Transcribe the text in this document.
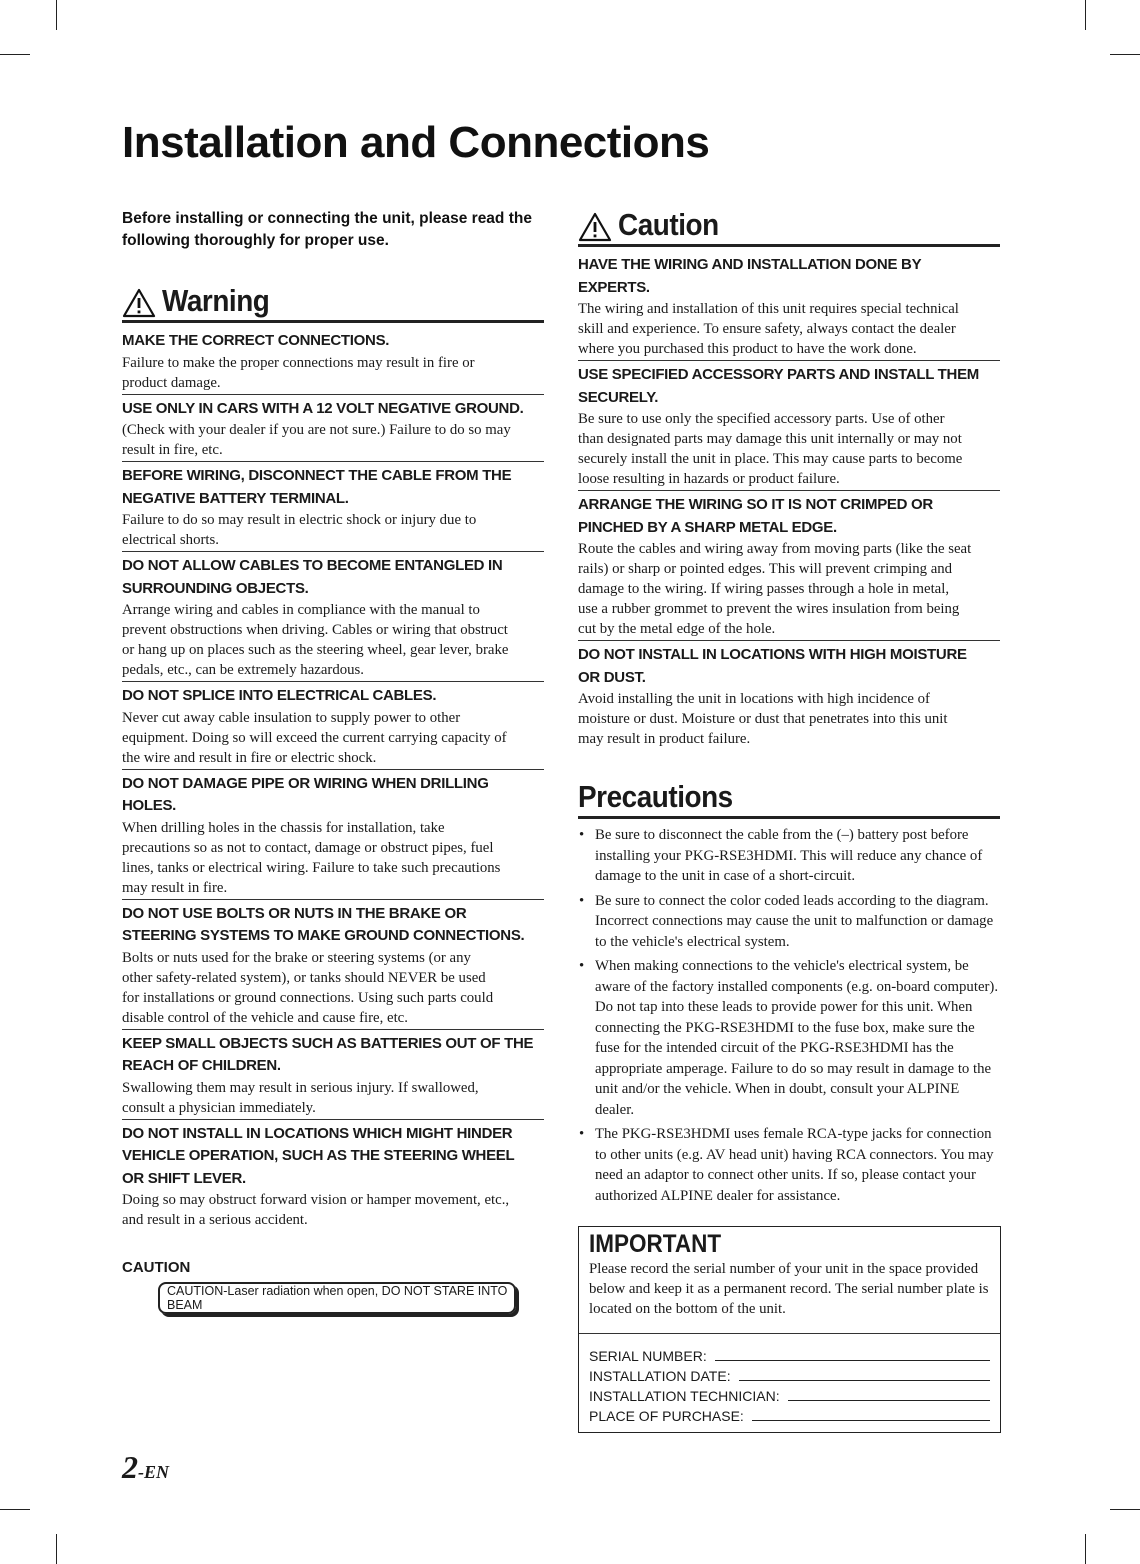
Installation and Connections

Before installing or connecting the unit, please read the following thoroughly for proper use.

Warning
MAKE THE CORRECT CONNECTIONS.
Failure to make the proper connections may result in fire or
product damage.
USE ONLY IN CARS WITH A 12 VOLT NEGATIVE GROUND.
(Check with your dealer if you are not sure.) Failure to do so may
result in fire, etc.
BEFORE WIRING, DISCONNECT THE CABLE FROM THE
NEGATIVE BATTERY TERMINAL.
Failure to do so may result in electric shock or injury due to
electrical shorts.
DO NOT ALLOW CABLES TO BECOME ENTANGLED IN
SURROUNDING OBJECTS.
Arrange wiring and cables in compliance with the manual to
prevent obstructions when driving. Cables or wiring that obstruct
or hang up on places such as the steering wheel, gear lever, brake
pedals, etc., can be extremely hazardous.
DO NOT SPLICE INTO ELECTRICAL CABLES.
Never cut away cable insulation to supply power to other
equipment. Doing so will exceed the current carrying capacity of
the wire and result in fire or electric shock.
DO NOT DAMAGE PIPE OR WIRING WHEN DRILLING
HOLES.
When drilling holes in the chassis for installation, take
precautions so as not to contact, damage or obstruct pipes, fuel
lines, tanks or electrical wiring. Failure to take such precautions
may result in fire.
DO NOT USE BOLTS OR NUTS IN THE BRAKE OR
STEERING SYSTEMS TO MAKE GROUND CONNECTIONS.
Bolts or nuts used for the brake or steering systems (or any
other safety-related system), or tanks should NEVER be used
for installations or ground connections. Using such parts could
disable control of the vehicle and cause fire, etc.
KEEP SMALL OBJECTS SUCH AS BATTERIES OUT OF THE
REACH OF CHILDREN.
Swallowing them may result in serious injury. If swallowed,
consult a physician immediately.
DO NOT INSTALL IN LOCATIONS WHICH MIGHT HINDER
VEHICLE OPERATION, SUCH AS THE STEERING WHEEL
OR SHIFT LEVER.
Doing so may obstruct forward vision or hamper movement, etc.,
and result in a serious accident.
CAUTION
CAUTION-Laser radiation when open, DO NOT STARE INTO BEAM
Caution
HAVE THE WIRING AND INSTALLATION DONE BY
EXPERTS.
The wiring and installation of this unit requires special technical
skill and experience. To ensure safety, always contact the dealer
where you purchased this product to have the work done.
USE SPECIFIED ACCESSORY PARTS AND INSTALL THEM
SECURELY.
Be sure to use only the specified accessory parts. Use of other
than designated parts may damage this unit internally or may not
securely install the unit in place. This may cause parts to become
loose resulting in hazards or product failure.
ARRANGE THE WIRING SO IT IS NOT CRIMPED OR
PINCHED BY A SHARP METAL EDGE.
Route the cables and wiring away from moving parts (like the seat
rails) or sharp or pointed edges. This will prevent crimping and
damage to the wiring. If wiring passes through a hole in metal,
use a rubber grommet to prevent the wires insulation from being
cut by the metal edge of the hole.
DO NOT INSTALL IN LOCATIONS WITH HIGH MOISTURE
OR DUST.
Avoid installing the unit in locations with high incidence of
moisture or dust. Moisture or dust that penetrates into this unit
may result in product failure.
Precautions
• Be sure to disconnect the cable from the (–) battery post before installing your PKG-RSE3HDMI. This will reduce any chance of damage to the unit in case of a short-circuit.
• Be sure to connect the color coded leads according to the diagram. Incorrect connections may cause the unit to malfunction or damage to the vehicle's electrical system.
• When making connections to the vehicle's electrical system, be aware of the factory installed components (e.g. on-board computer). Do not tap into these leads to provide power for this unit. When connecting the PKG-RSE3HDMI to the fuse box, make sure the fuse for the intended circuit of the PKG-RSE3HDMI has the appropriate amperage. Failure to do so may result in damage to the unit and/or the vehicle. When in doubt, consult your ALPINE dealer.
• The PKG-RSE3HDMI uses female RCA-type jacks for connection to other units (e.g. AV head unit) having RCA connectors. You may need an adaptor to connect other units. If so, please contact your authorized ALPINE dealer for assistance.
IMPORTANT
Please record the serial number of your unit in the space provided below and keep it as a permanent record. The serial number plate is located on the bottom of the unit.
SERIAL NUMBER:
INSTALLATION DATE:
INSTALLATION TECHNICIAN:
PLACE OF PURCHASE:
2-EN
